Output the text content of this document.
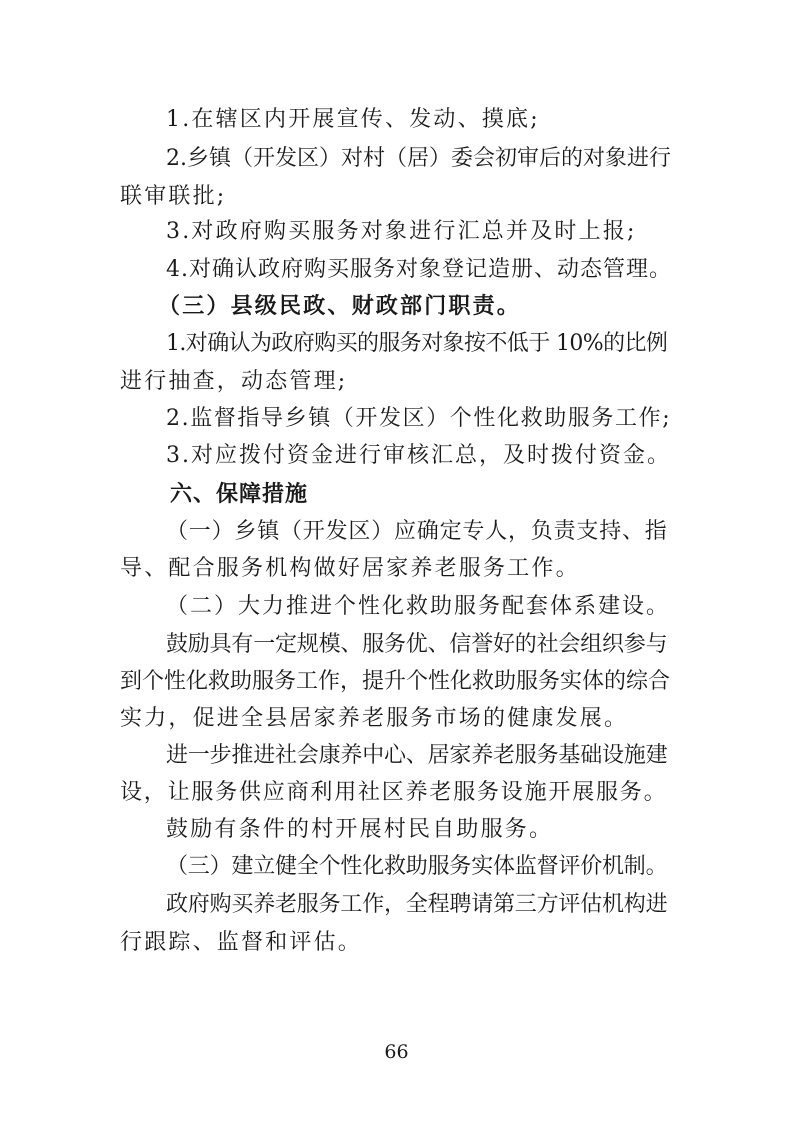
1.在辖区内开展宣传、发动、摸底;
2.乡镇（开发区）对村（居）委会初审后的对象进行
联审联批;
3.对政府购买服务对象进行汇总并及时上报;
4.对确认政府购买服务对象登记造册、动态管理。
（三）县级民政、财政部门职责。
1.对确认为政府购买的服务对象按不低于 10%的比例
进行抽查，动态管理;
2.监督指导乡镇（开发区）个性化救助服务工作;
3.对应拨付资金进行审核汇总，及时拨付资金。
六、保障措施
（一）乡镇（开发区）应确定专人，负责支持、指
导、配合服务机构做好居家养老服务工作。
（二）大力推进个性化救助服务配套体系建设。
鼓励具有一定规模、服务优、信誉好的社会组织参与
到个性化救助服务工作，提升个性化救助服务实体的综合
实力，促进全县居家养老服务市场的健康发展。
进一步推进社会康养中心、居家养老服务基础设施建
设，让服务供应商利用社区养老服务设施开展服务。
鼓励有条件的村开展村民自助服务。
（三）建立健全个性化救助服务实体监督评价机制。
政府购买养老服务工作，全程聘请第三方评估机构进
行跟踪、监督和评估。
66
